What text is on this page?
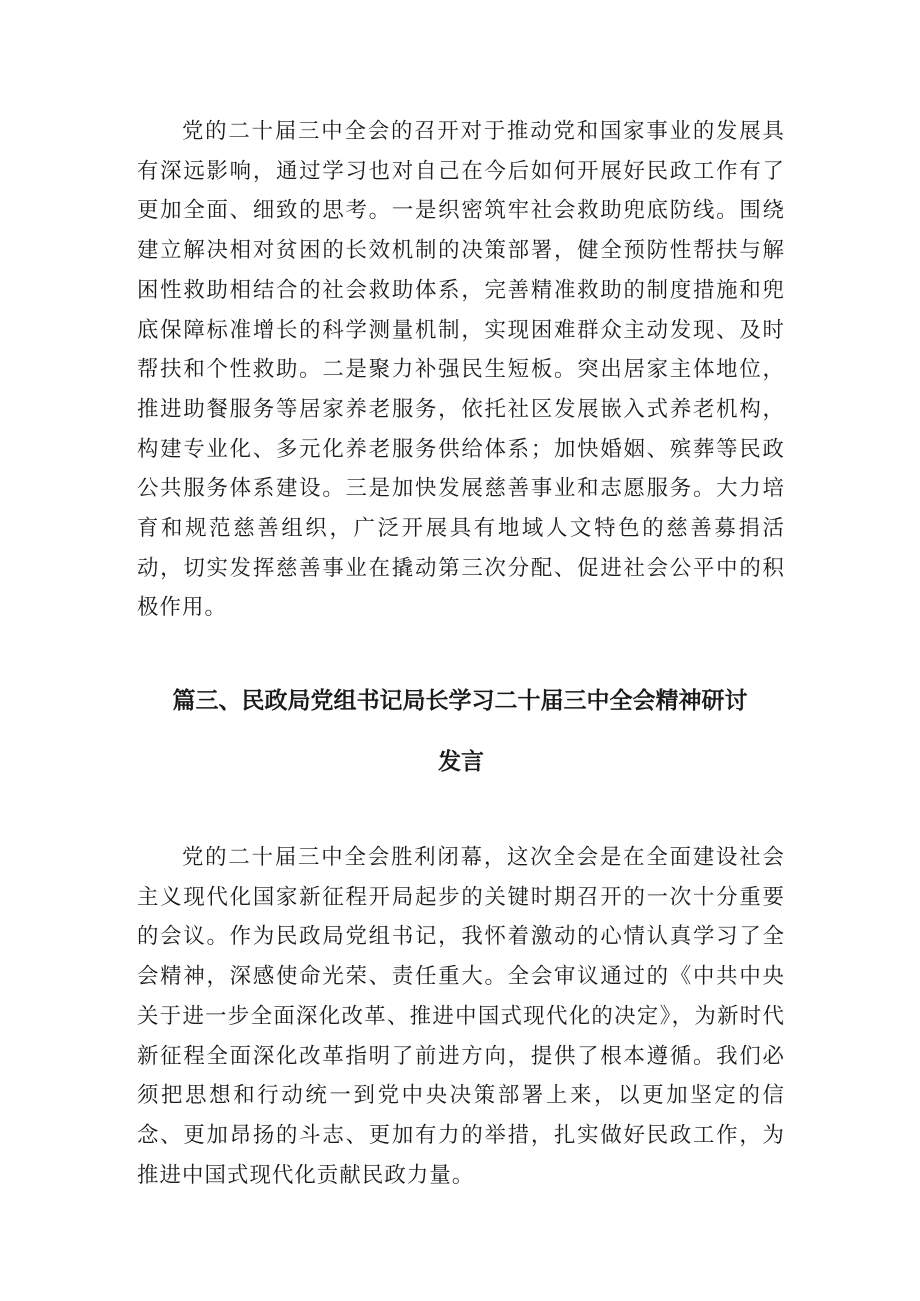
党的二十届三中全会的召开对于推动党和国家事业的发展具有深远影响，通过学习也对自己在今后如何开展好民政工作有了更加全面、细致的思考。一是织密筑牢社会救助兜底防线。围绕建立解决相对贫困的长效机制的决策部署，健全预防性帮扶与解困性救助相结合的社会救助体系，完善精准救助的制度措施和兜底保障标准增长的科学测量机制，实现困难群众主动发现、及时帮扶和个性救助。二是聚力补强民生短板。突出居家主体地位，推进助餐服务等居家养老服务，依托社区发展嵌入式养老机构，构建专业化、多元化养老服务供给体系；加快婚姻、殡葬等民政公共服务体系建设。三是加快发展慈善事业和志愿服务。大力培育和规范慈善组织，广泛开展具有地域人文特色的慈善募捐活动，切实发挥慈善事业在撬动第三次分配、促进社会公平中的积极作用。

篇三、民政局党组书记局长学习二十届三中全会精神研讨
发言

党的二十届三中全会胜利闭幕，这次全会是在全面建设社会主义现代化国家新征程开局起步的关键时期召开的一次十分重要的会议。作为民政局党组书记，我怀着激动的心情认真学习了全会精神，深感使命光荣、责任重大。全会审议通过的《中共中央关于进一步全面深化改革、推进中国式现代化的决定》，为新时代新征程全面深化改革指明了前进方向，提供了根本遵循。我们必须把思想和行动统一到党中央决策部署上来，以更加坚定的信念、更加昂扬的斗志、更加有力的举措，扎实做好民政工作，为推进中国式现代化贡献民政力量。
